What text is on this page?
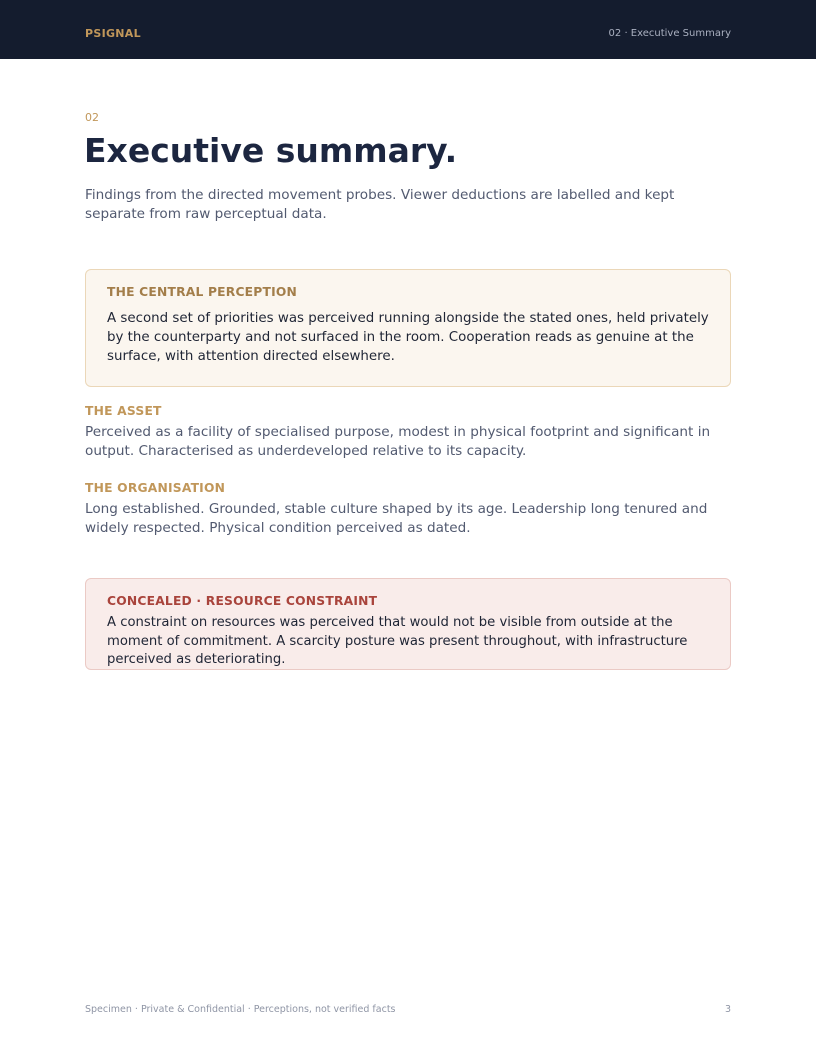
PSIGNAL	02 · Executive Summary
02
Executive summary.

Findings from the directed movement probes. Viewer deductions are labelled and kept separate from raw perceptual data.

THE CENTRAL PERCEPTION

A second set of priorities was perceived running alongside the stated ones, held privately by the counterparty and not surfaced in the room. Cooperation reads as genuine at the surface, with attention directed elsewhere.

THE ASSET

Perceived as a facility of specialised purpose, modest in physical footprint and significant in output. Characterised as underdeveloped relative to its capacity.

THE ORGANISATION

Long established. Grounded, stable culture shaped by its age. Leadership long tenured and widely respected. Physical condition perceived as dated.

CONCEALED · RESOURCE CONSTRAINT

A constraint on resources was perceived that would not be visible from outside at the moment of commitment. A scarcity posture was present throughout, with infrastructure perceived as deteriorating.

Specimen · Private & Confidential · Perceptions, not verified facts	3
